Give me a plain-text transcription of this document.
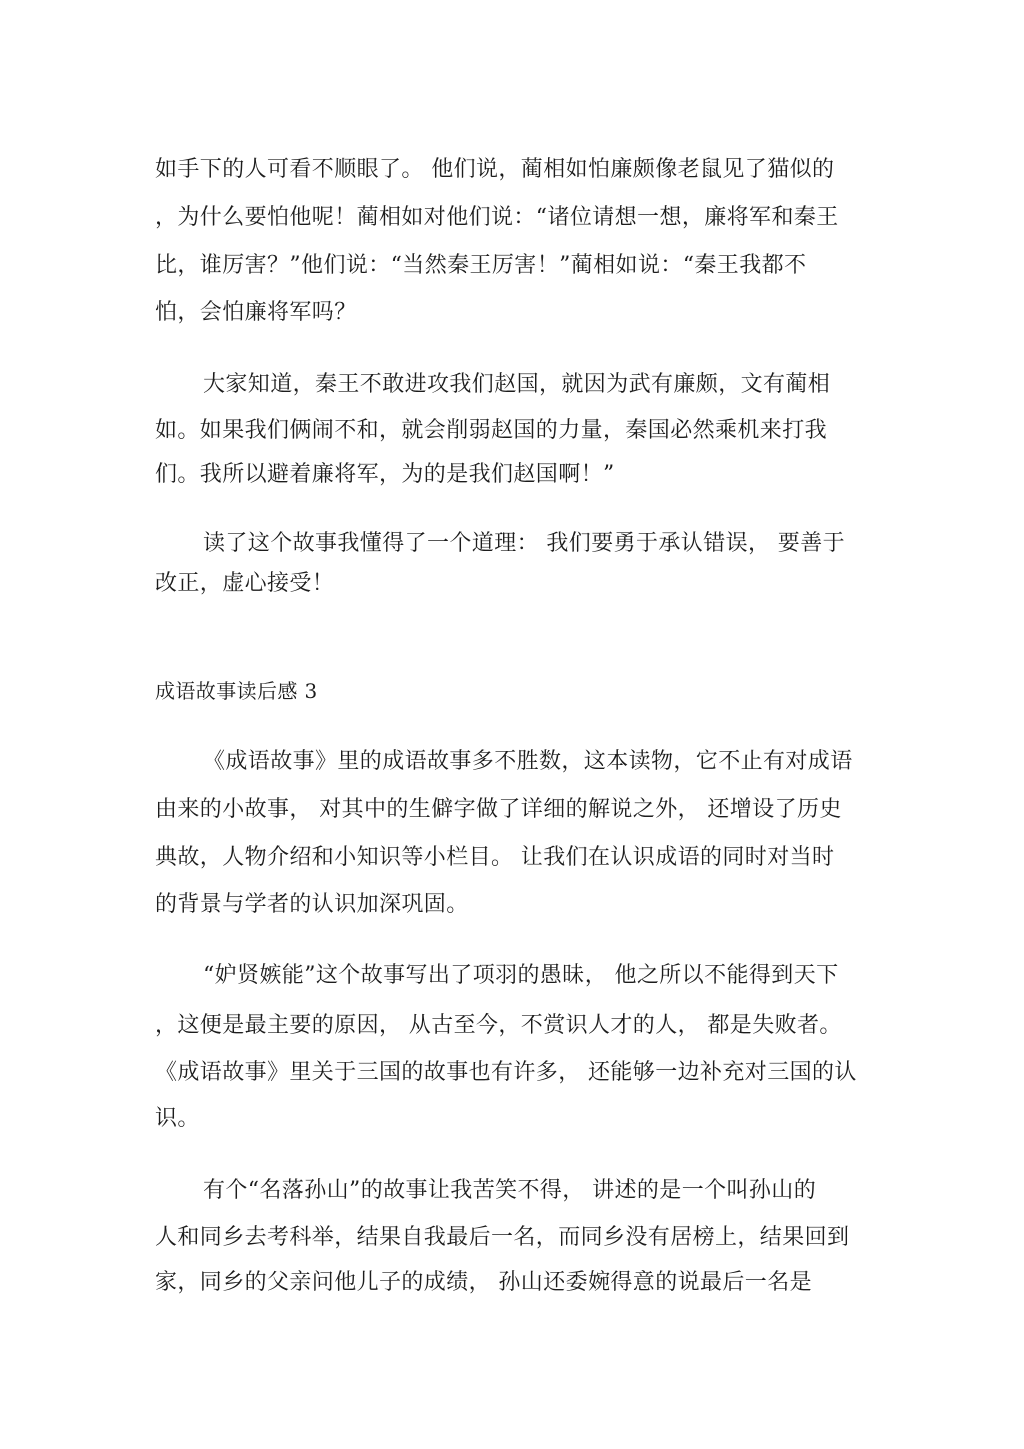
如手下的人可看不顺眼了。 他们说，蔺相如怕廉颇像老鼠见了猫似的
，为什么要怕他呢！蔺相如对他们说：“诸位请想一想，廉将军和秦王
比，谁厉害？”他们说：“当然秦王厉害！”蔺相如说：“秦王我都不
怕，会怕廉将军吗？
大家知道，秦王不敢进攻我们赵国，就因为武有廉颇，文有蔺相
如。如果我们俩闹不和，就会削弱赵国的力量，秦国必然乘机来打我
们。我所以避着廉将军，为的是我们赵国啊！”
读了这个故事我懂得了一个道理： 我们要勇于承认错误， 要善于
改正，虚心接受！
成语故事读后感 3
《成语故事》里的成语故事多不胜数，这本读物，它不止有对成语
由来的小故事， 对其中的生僻字做了详细的解说之外， 还增设了历史
典故，人物介绍和小知识等小栏目。 让我们在认识成语的同时对当时
的背景与学者的认识加深巩固。
“妒贤嫉能”这个故事写出了项羽的愚昧， 他之所以不能得到天下
，这便是最主要的原因， 从古至今，不赏识人才的人， 都是失败者。
《成语故事》里关于三国的故事也有许多， 还能够一边补充对三国的认
识。
有个“名落孙山”的故事让我苦笑不得， 讲述的是一个叫孙山的
人和同乡去考科举，结果自我最后一名，而同乡没有居榜上，结果回到
家，同乡的父亲问他儿子的成绩， 孙山还委婉得意的说最后一名是
